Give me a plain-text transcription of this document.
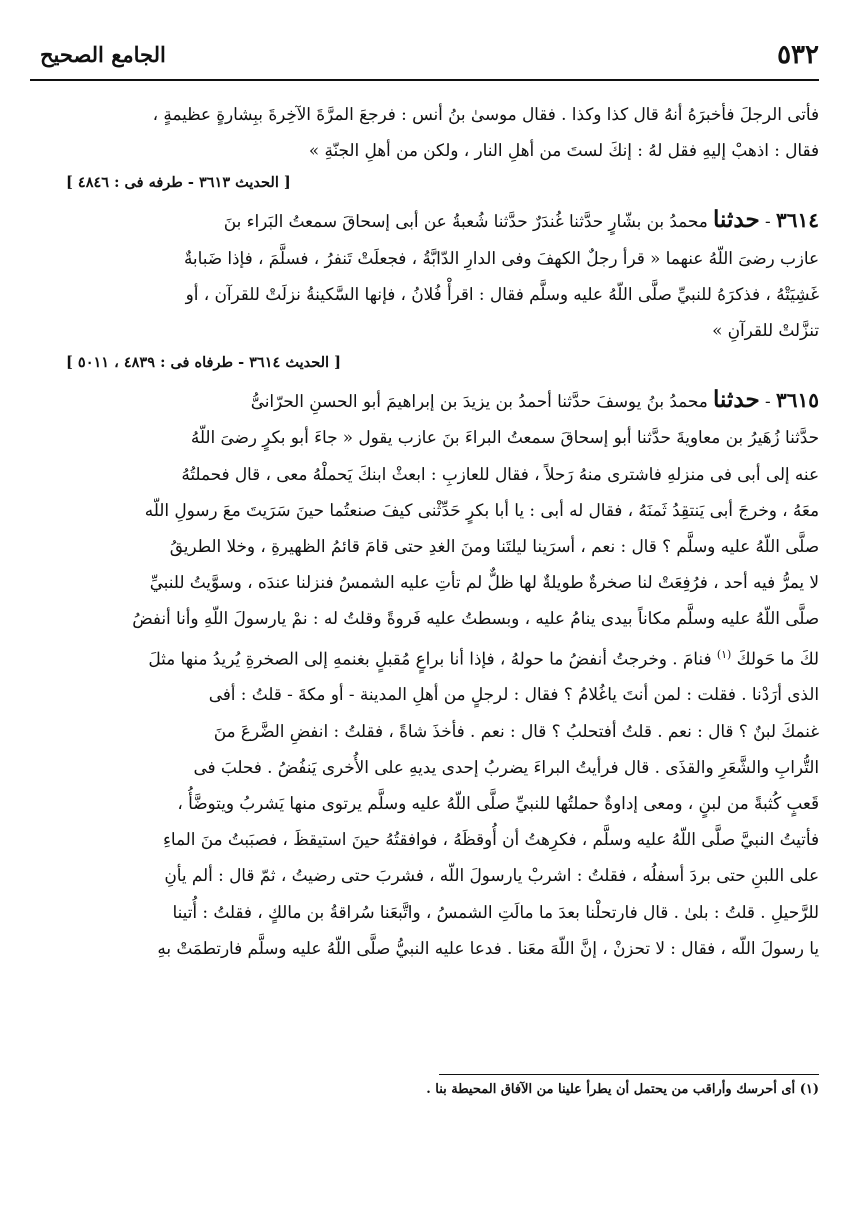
٥٣٢
الجامع الصحيح

فأتى الرجلَ فأخبرَهُ أنهُ قال كذا وكذا . فقال موسىٰ بنُ أنس : فرجعَ المرَّةَ الآخِرةَ ببِشارةٍ عظيمةٍ ،
فقال : اذهبْ إليهِ فقل لهُ : إنكَ لستَ من أهلِ النار ، ولكن من أهلِ الجنّةِ »

[ الحديث ٣٦١٣ - طرفه فى : ٤٨٤٦ ]

٣٦١٤ - حدثنا محمدُ بن بشّارٍ حدَّثنا غُندَرٌ حدَّثنا شُعبةُ عن أبى إسحاقَ سمعتُ البَراء بنَ
عازب رضىَ اللّهُ عنهما « قرأ رجلٌ الكهفَ وفى الدارِ الدّابَّةُ ، فجعلَتْ تَنفرُ ، فسلَّمَ ، فإذا ضَبابةٌ
غَشِيَتْهُ ، فذكرَهُ للنبيِّ صلَّى اللّهُ عليه وسلَّم فقال : اقرأْ فُلانُ ، فإنها السَّكينةُ نزلَتْ للقرآن ، أو
تنزَّلتْ للقرآنِ »

[ الحديث ٣٦١٤ - طرفاه فى : ٤٨٣٩ ، ٥٠١١ ]

٣٦١٥ - حدثنا محمدُ بنُ يوسفَ حدَّثنا أحمدُ بن يزيدَ بن إبراهيمَ أبو الحسنِ الحرّانىُّ
حدَّثنا زُهَيرُ بن معاويةَ حدَّثنا أبو إسحاقَ سمعتُ البراءَ بنَ عازب يقول « جاءَ أبو بكرٍ رضىَ اللّهُ
عنه إلى أبى فى منزلهِ فاشترى منهُ رَحلاً ، فقال للعازبِ : ابعثْ ابنكَ يَحملْهُ معى ، قال فحملتُهُ
معَهُ ، وخرجَ أبى يَنتقِدُ ثَمنَهُ ، فقال له أبى : يا أبا بكرٍ حَدِّثْنى كيفَ صنعتُما حينَ سَرَيتَ معَ رسولِ اللّه
صلَّى اللّهُ عليه وسلَّم ؟ قال : نعم ، أسرَينا ليلتَنا ومنَ الغدِ حتى قامَ قائمُ الظهيرةِ ، وخلا الطريقُ
لا يمرُّ فيه أحد ، فرُفِعَتْ لنا صخرةٌ طويلةٌ لها ظلٌّ لم تأتِ عليه الشمسُ فنزلنا عندَه ، وسوَّيتُ للنبيِّ
صلَّى اللّهُ عليه وسلَّم مكاناً بيدى ينامُ عليه ، وبسطتُ عليه فَروةً وقلتُ له : نمْ يارسولَ اللّهِ وأنا أنفضُ
لكَ ما حَولكَ $^{(١)}$ فنامَ . وخرجتُ أنفضُ ما حولهُ ، فإذا أنا براعٍ مُقبلٍ بغنمهِ إلى الصخرةِ يُريدُ منها مثلَ
الذى أرَدْنا . فقلت : لمن أنتَ ياغُلامُ ؟ فقال : لرجلٍ من أهلِ المدينة - أو مكةَ - قلتُ : أفى
غنمكَ لبنٌ ؟ قال : نعم . قلتُ أفتحلبُ ؟ قال : نعم . فأخذَ شاةً ، فقلتُ : انفضِ الضَّرعَ منَ
التُّرابِ والشَّعَرِ والقذَى . قال فرأيتُ البراءَ يضربُ إحدى يديهِ على الأُخرى يَنفُضُ . فحلبَ فى
قَعبٍ كُثبةً من لبنٍ ، ومعى إداوةٌ حملتُها للنبيِّ صلَّى اللّهُ عليه وسلَّم يرتوى منها يَشربُ ويتوضَّأُ ،
فأتيتُ النبيَّ صلَّى اللّهُ عليه وسلَّم ، فكرِهتُ أن أُوقظَهُ ، فوافقتُهُ حينَ استيقظَ ، فصبَبتُ منَ الماءِ
على اللبنِ حتى بردَ أسفلُه ، فقلتُ : اشربْ يارسولَ اللّه ، فشربَ حتى رضيتُ ، ثمّ قال : ألم يأنِ
للرَّحيلِ . قلتُ : بلىٰ . قال فارتحلْنا بعدَ ما مالَتِ الشمسُ ، واتَّبعَنا سُراقةُ بن مالكٍ ، فقلتُ : أُتينا
يا رسولَ اللّه ، فقال : لا تحزنْ ، إنَّ اللّهَ معَنا . فدعا عليه النبيُّ صلَّى اللّهُ عليه وسلَّم فارتطمَتْ بهِ

(١) أى أحرسك وأراقب من يحتمل أن يطرأ علينا من الآفاق المحيطة بنا .
